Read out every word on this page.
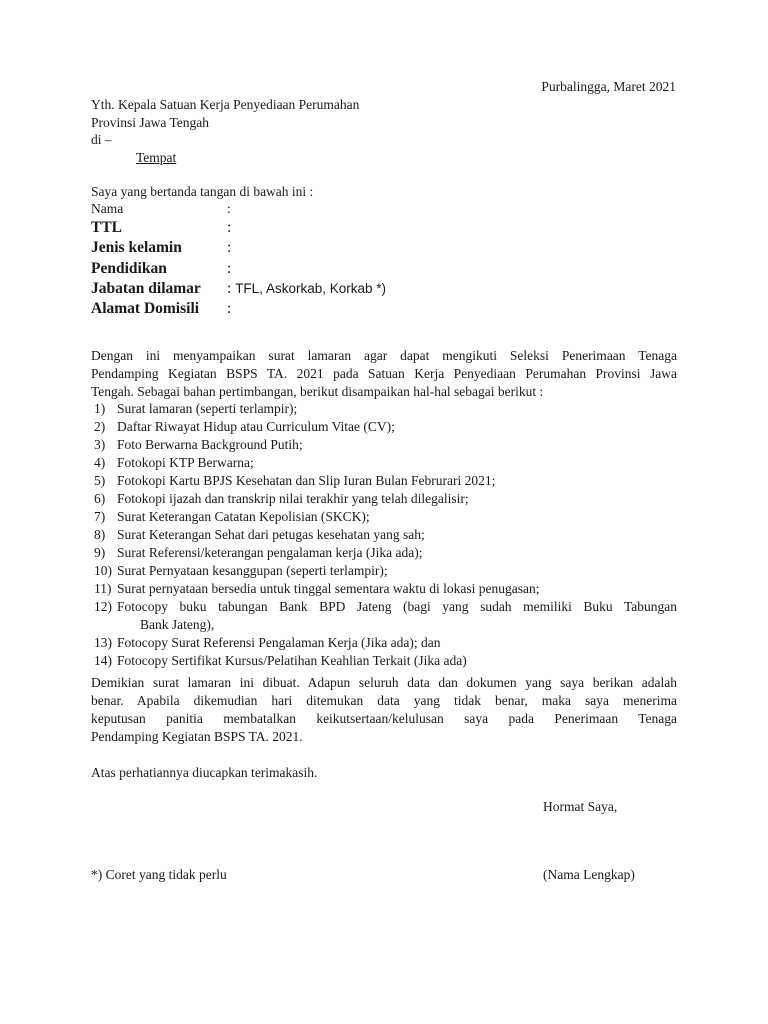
Purbalingga, Maret 2021
Yth. Kepala Satuan Kerja Penyediaan Perumahan
Provinsi Jawa Tengah
di –
Tempat
Saya yang bertanda tangan di bawah ini :
Nama	:
TTL	:
Jenis kelamin	:
Pendidikan	:
Jabatan dilamar : TFL, Askorkab, Korkab *)
Alamat Domisili :
Dengan ini menyampaikan surat lamaran agar dapat mengikuti Seleksi Penerimaan Tenaga
Pendamping Kegiatan BSPS TA. 2021 pada Satuan Kerja Penyediaan Perumahan Provinsi Jawa
Tengah. Sebagai bahan pertimbangan, berikut disampaikan hal-hal sebagai berikut :
1) Surat lamaran (seperti terlampir);
2) Daftar Riwayat Hidup atau Curriculum Vitae (CV);
3) Foto Berwarna Background Putih;
4) Fotokopi KTP Berwarna;
5) Fotokopi Kartu BPJS Kesehatan dan Slip Iuran Bulan Februrari 2021;
6) Fotokopi ijazah dan transkrip nilai terakhir yang telah dilegalisir;
7) Surat Keterangan Catatan Kepolisian (SKCK);
8) Surat Keterangan Sehat dari petugas kesehatan yang sah;
9) Surat Referensi/keterangan pengalaman kerja (Jika ada);
10) Surat Pernyataan kesanggupan (seperti terlampir);
11) Surat pernyataan bersedia untuk tinggal sementara waktu di lokasi penugasan;
12) Fotocopy buku tabungan Bank BPD Jateng (bagi yang sudah memiliki Buku Tabungan
Bank Jateng),
13) Fotocopy Surat Referensi Pengalaman Kerja (Jika ada); dan
14) Fotocopy Sertifikat Kursus/Pelatihan Keahlian Terkait (Jika ada)
Demikian surat lamaran ini dibuat. Adapun seluruh data dan dokumen yang saya berikan adalah
benar. Apabila dikemudian hari ditemukan data yang tidak benar, maka saya menerima
keputusan panitia membatalkan keikutsertaan/kelulusan saya pada Penerimaan Tenaga
Pendamping Kegiatan BSPS TA. 2021.
Atas perhatiannya diucapkan terimakasih.
Hormat Saya,
*) Coret yang tidak perlu	(Nama Lengkap)
